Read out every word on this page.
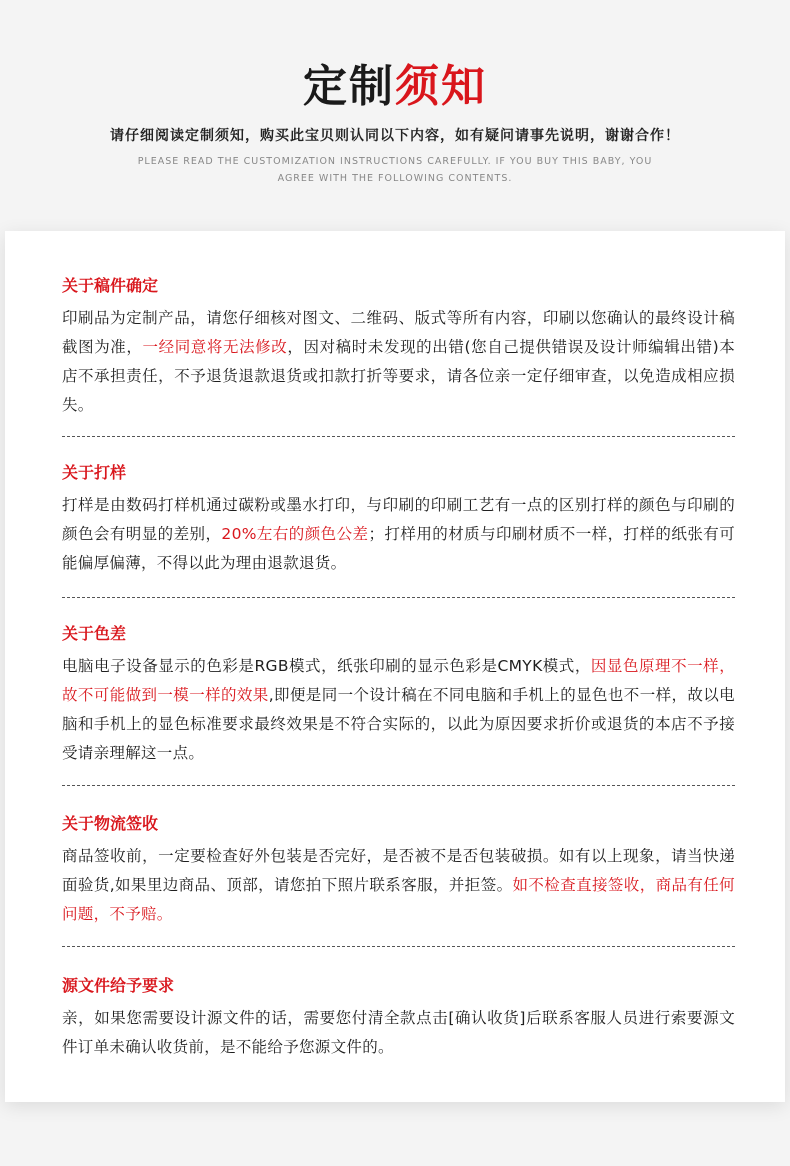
定制须知
请仔细阅读定制须知，购买此宝贝则认同以下内容，如有疑问请事先说明，谢谢合作！
PLEASE READ THE CUSTOMIZATION INSTRUCTIONS CAREFULLY. IF YOU BUY THIS BABY, YOU
AGREE WITH THE FOLLOWING CONTENTS.
关于稿件确定
印刷品为定制产品，请您仔细核对图文、二维码、版式等所有内容，印刷以您确认的最终设计稿截图为准，一经同意将无法修改，因对稿时未发现的出错(您自己提供错误及设计师编辑出错)本店不承担责任，不予退货退款退货或扣款打折等要求，请各位亲一定仔细审查，以免造成相应损失。
关于打样
打样是由数码打样机通过碳粉或墨水打印，与印刷的印刷工艺有一点的区别打样的颜色与印刷的颜色会有明显的差别，20%左右的颜色公差；打样用的材质与印刷材质不一样，打样的纸张有可能偏厚偏薄，不得以此为理由退款退货。
关于色差
电脑电子设备显示的色彩是RGB模式，纸张印刷的显示色彩是CMYK模式，因显色原理不一样，故不可能做到一模一样的效果,即便是同一个设计稿在不同电脑和手机上的显色也不一样，故以电脑和手机上的显色标准要求最终效果是不符合实际的，以此为原因要求折价或退货的本店不予接受请亲理解这一点。
关于物流签收
商品签收前，一定要检查好外包装是否完好，是否被不是否包装破损。如有以上现象，请当快递面验货,如果里边商品、顶部，请您拍下照片联系客服，并拒签。如不检查直接签收，商品有任何问题，不予赔。
源文件给予要求
亲，如果您需要设计源文件的话，需要您付清全款点击[确认收货]后联系客服人员进行索要源文件订单未确认收货前，是不能给予您源文件的。
